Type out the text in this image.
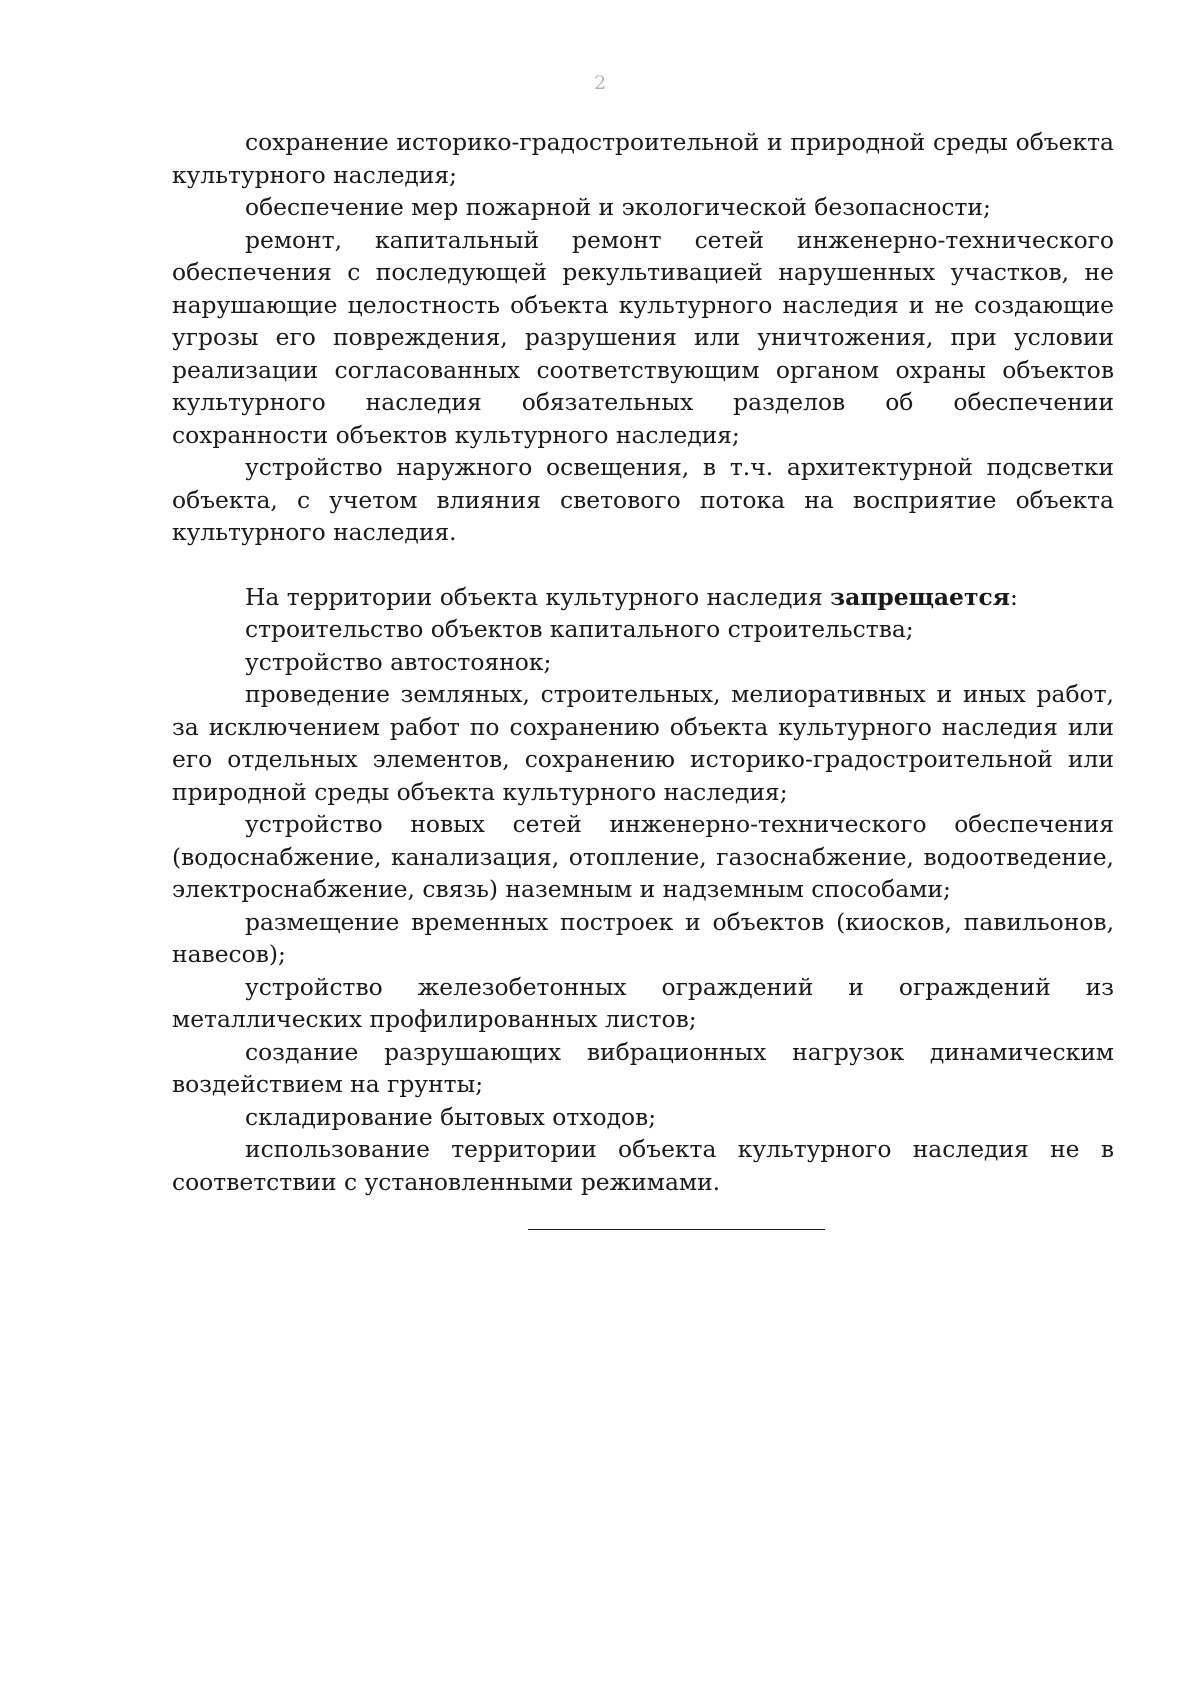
2

сохранение историко-градостроительной и природной среды объекта культурного наследия;

обеспечение мер пожарной и экологической безопасности;

ремонт, капитальный ремонт сетей инженерно-технического обеспечения с последующей рекультивацией нарушенных участков, не нарушающие целостность объекта культурного наследия и не создающие угрозы его повреждения, разрушения или уничтожения, при условии реализации согласованных соответствующим органом охраны объектов культурного наследия обязательных разделов об обеспечении сохранности объектов культурного наследия;

устройство наружного освещения, в т.ч. архитектурной подсветки объекта, с учетом влияния светового потока на восприятие объекта культурного наследия.

На территории объекта культурного наследия запрещается:

строительство объектов капитального строительства;

устройство автостоянок;

проведение земляных, строительных, мелиоративных и иных работ, за исключением работ по сохранению объекта культурного наследия или его отдельных элементов, сохранению историко-градостроительной или природной среды объекта культурного наследия;

устройство новых сетей инженерно-технического обеспечения (водоснабжение, канализация, отопление, газоснабжение, водоотведение, электроснабжение, связь) наземным и надземным способами;

размещение временных построек и объектов (киосков, павильонов, навесов);

устройство железобетонных ограждений и ограждений из металлических профилированных листов;

создание разрушающих вибрационных нагрузок динамическим воздействием на грунты;

складирование бытовых отходов;

использование территории объекта культурного наследия не в соответствии с установленными режимами.
